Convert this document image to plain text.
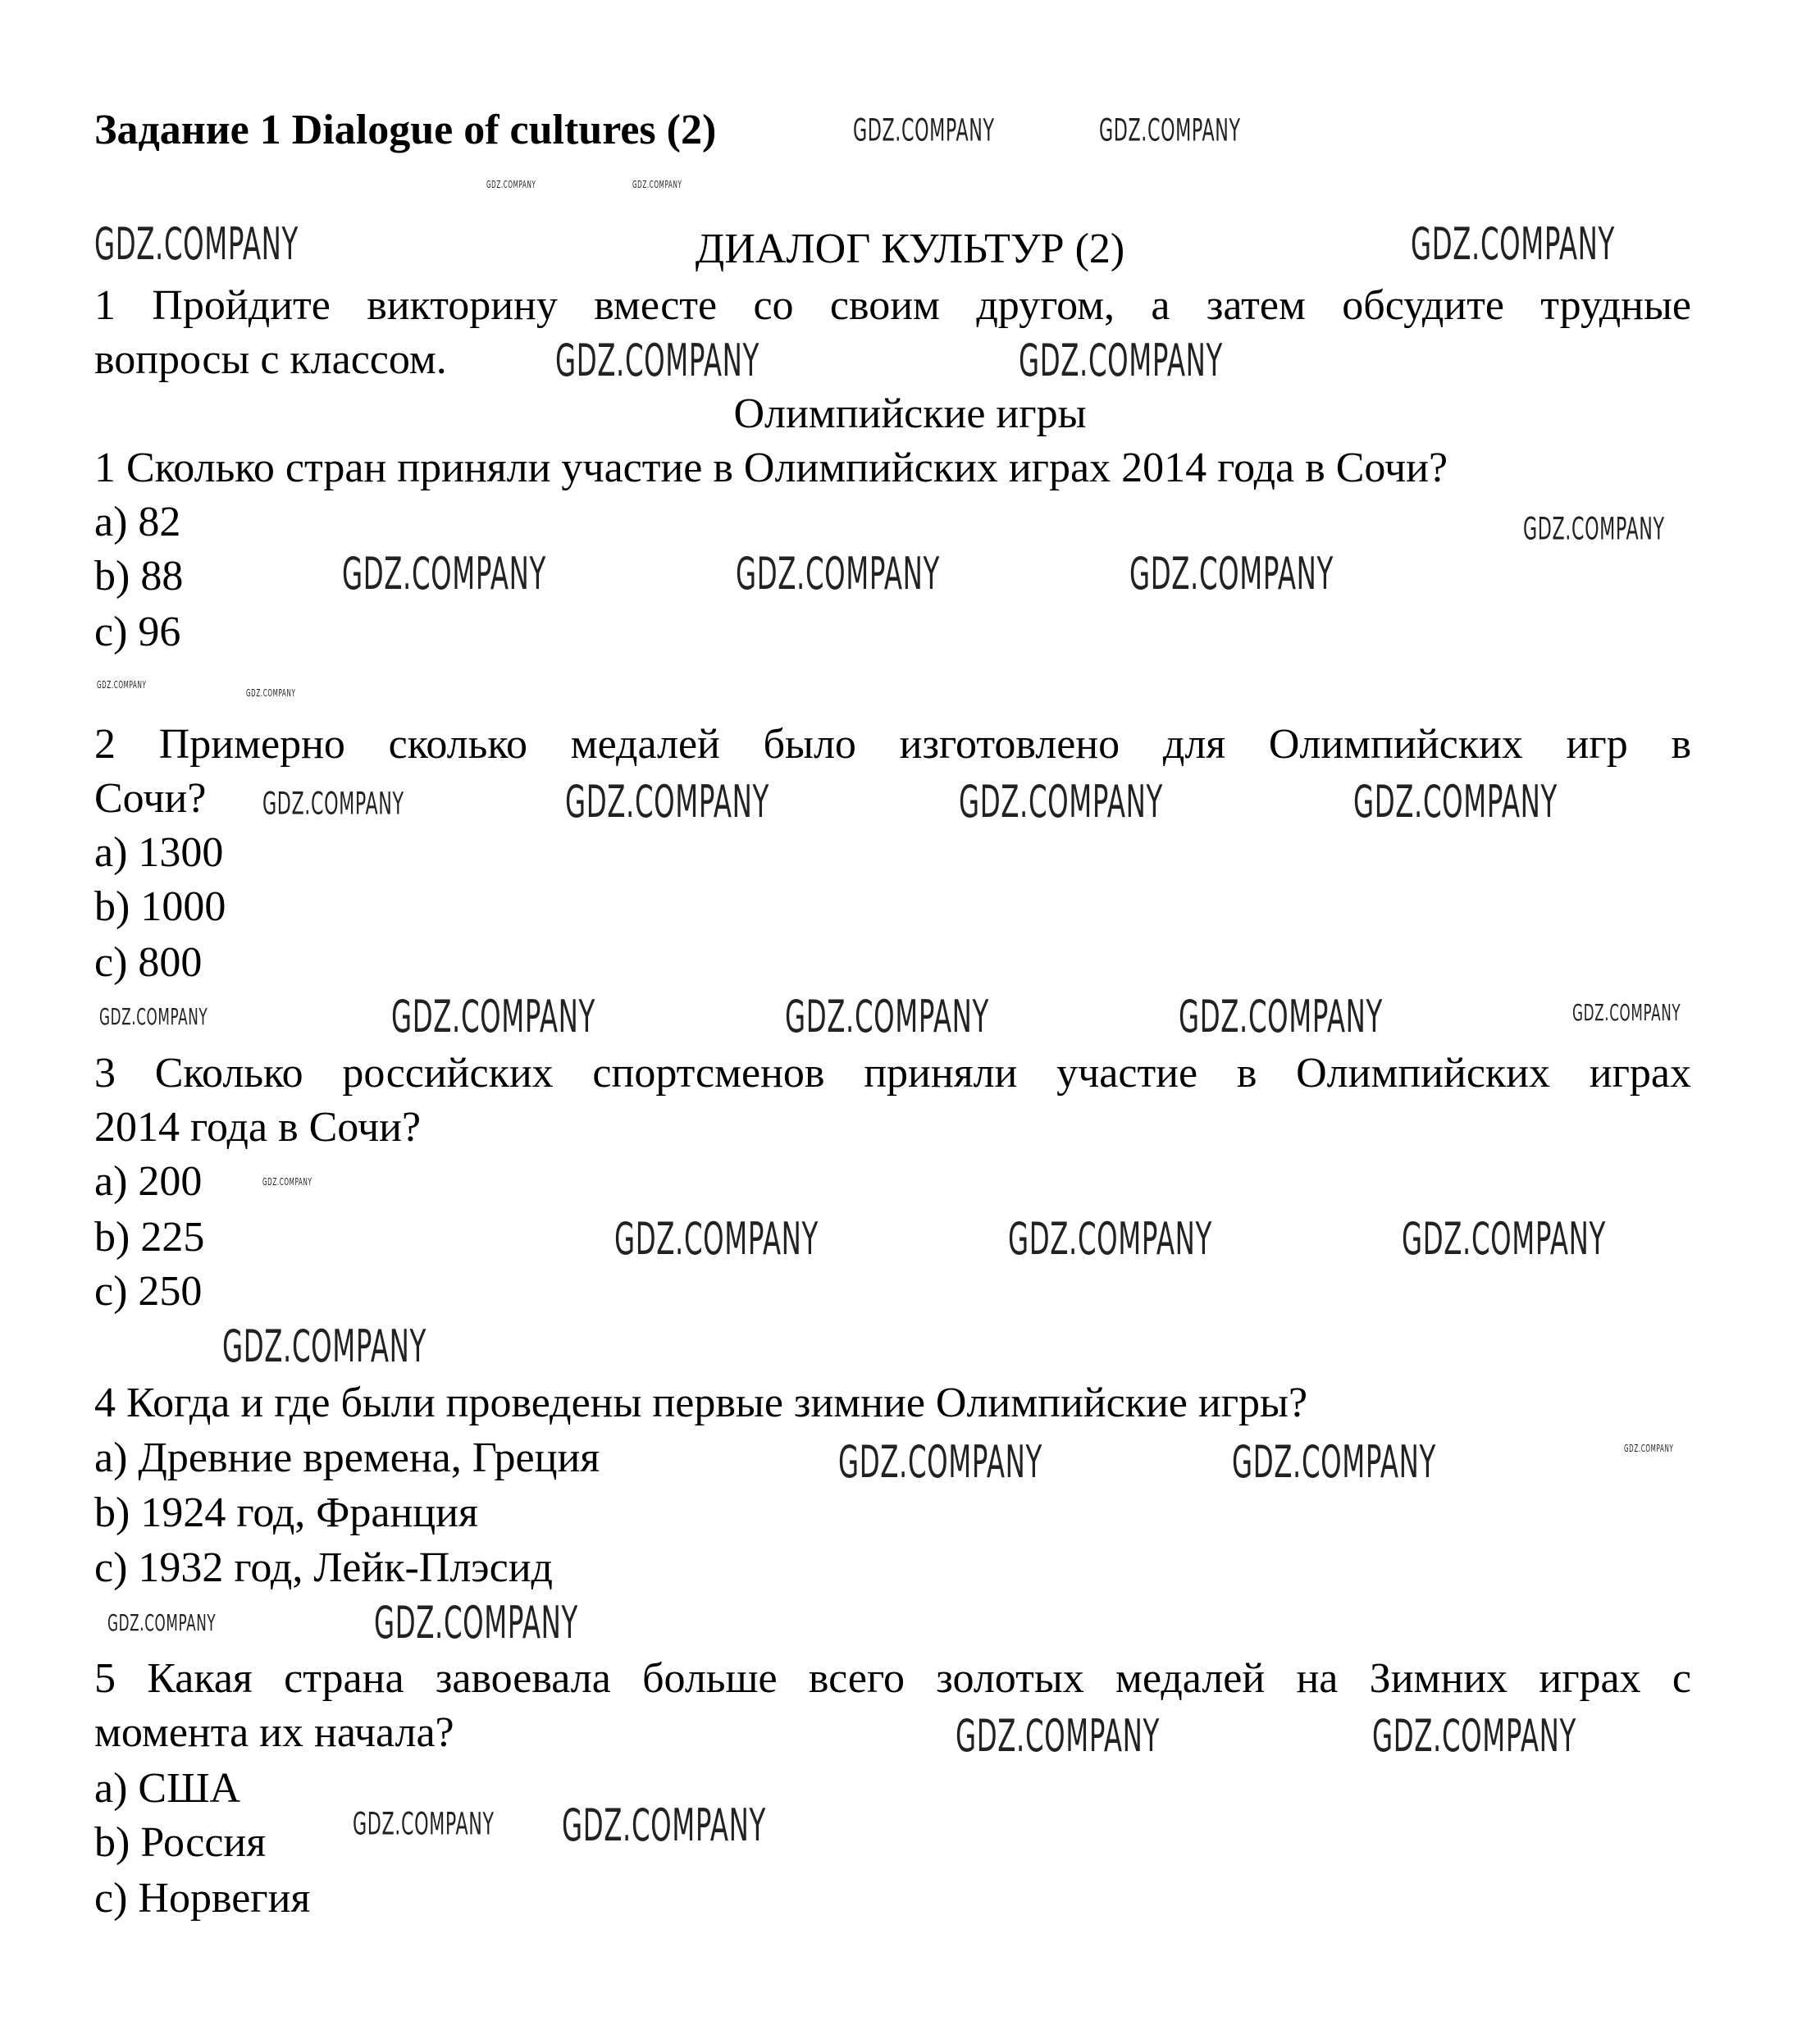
Задание 1 Dialogue of cultures (2)
ДИАЛОГ КУЛЬТУР (2)
1 Пройдите викторину вместе со своим другом, а затем обсудите трудные
вопросы с классом.
Олимпийские игры
1 Сколько стран приняли участие в Олимпийских играх 2014 года в Сочи?
a) 82
b) 88
c) 96
2 Примерно сколько медалей было изготовлено для Олимпийских игр в
Сочи?
a) 1300
b) 1000
c) 800
3 Сколько российских спортсменов приняли участие в Олимпийских играх
2014 года в Сочи?
a) 200
b) 225
c) 250
4 Когда и где были проведены первые зимние Олимпийские игры?
a) Древние времена, Греция
b) 1924 год, Франция
c) 1932 год, Лейк-Плэсид
5 Какая страна завоевала больше всего золотых медалей на Зимних играх с
момента их начала?
a) США
b) Россия
c) Норвегия
GDZ.COMPANY	GDZ.COMPANY
GDZ.COMPANY	GDZ.COMPANY
GDZ.COMPANY	GDZ.COMPANY
GDZ.COMPANY	GDZ.COMPANY
GDZ.COMPANY
GDZ.COMPANY
GDZ.COMPANY	GDZ.COMPANY	GDZ.COMPANY
GDZ.COMPANY
GDZ.COMPANY	GDZ.COMPANY	GDZ.COMPANY	GDZ.COMPANY
GDZ.COMPANY	GDZ.COMPANY	GDZ.COMPANY	GDZ.COMPANY
GDZ.COMPANY
GDZ.COMPANY
GDZ.COMPANY	GDZ.COMPANY	GDZ.COMPANY
GDZ.COMPANY
GDZ.COMPANY	GDZ.COMPANY	GDZ.COMPANY
GDZ.COMPANY
GDZ.COMPANY
GDZ.COMPANY	GDZ.COMPANY
GDZ.COMPANY GDZ.COMPANY
